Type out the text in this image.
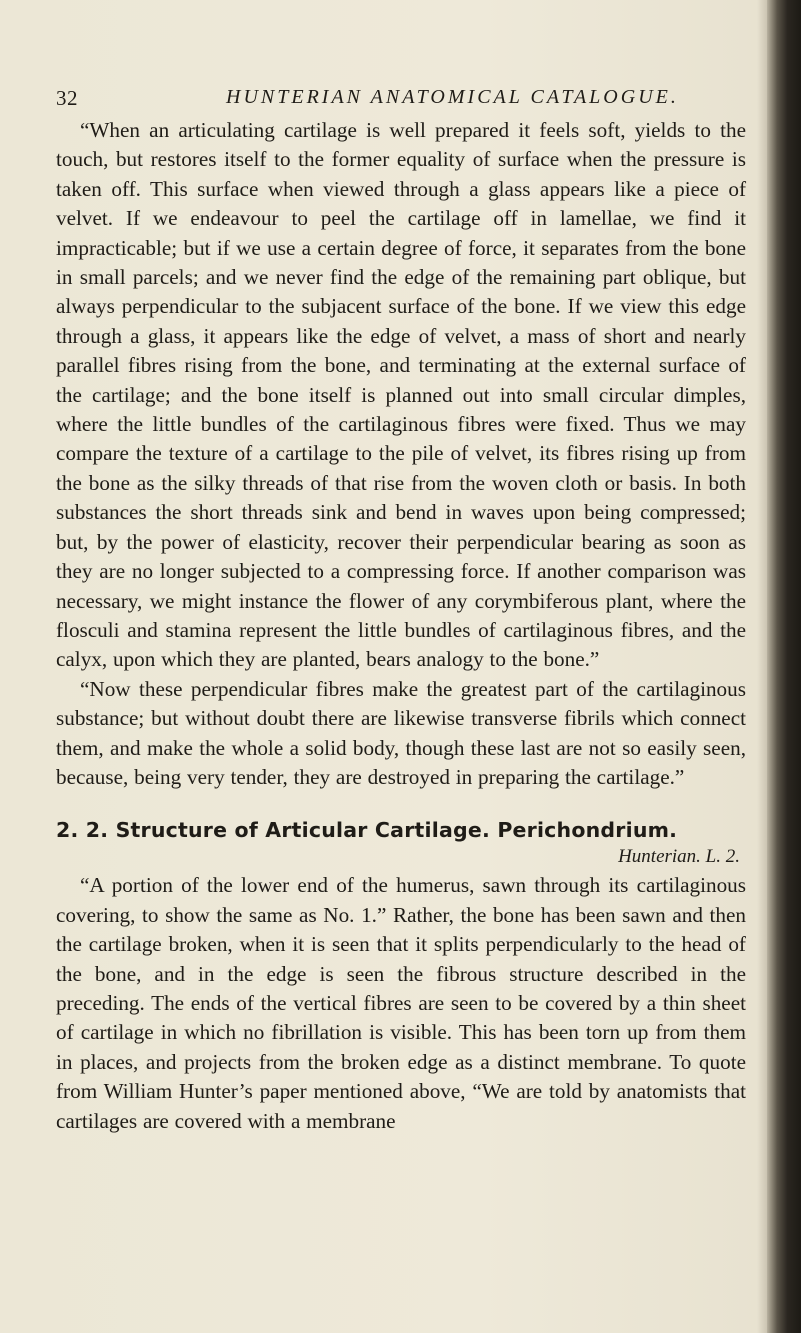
32	HUNTERIAN ANATOMICAL CATALOGUE.

“When an articulating cartilage is well prepared it feels soft, yields to the touch, but restores itself to the former equality of surface when the pressure is taken off. This surface when viewed through a glass appears like a piece of velvet. If we endeavour to peel the cartilage off in lamellae, we find it impracticable; but if we use a certain degree of force, it separates from the bone in small parcels; and we never find the edge of the remaining part oblique, but always perpendicular to the subjacent surface of the bone. If we view this edge through a glass, it appears like the edge of velvet, a mass of short and nearly parallel fibres rising from the bone, and terminating at the external surface of the cartilage; and the bone itself is planned out into small circular dimples, where the little bundles of the cartilaginous fibres were fixed. Thus we may compare the texture of a cartilage to the pile of velvet, its fibres rising up from the bone as the silky threads of that rise from the woven cloth or basis. In both substances the short threads sink and bend in waves upon being compressed; but, by the power of elasticity, recover their perpendicular bearing as soon as they are no longer subjected to a compressing force. If another comparison was necessary, we might instance the flower of any corymbiferous plant, where the flosculi and stamina represent the little bundles of cartilaginous fibres, and the calyx, upon which they are planted, bears analogy to the bone.”

“Now these perpendicular fibres make the greatest part of the cartilaginous substance; but without doubt there are likewise transverse fibrils which connect them, and make the whole a solid body, though these last are not so easily seen, because, being very tender, they are destroyed in preparing the cartilage.”

2. 2. Structure of Articular Cartilage. Perichondrium.
Hunterian. L. 2.

“A portion of the lower end of the humerus, sawn through its cartilaginous covering, to show the same as No. 1.” Rather, the bone has been sawn and then the cartilage broken, when it is seen that it splits perpendicularly to the head of the bone, and in the edge is seen the fibrous structure described in the preceding. The ends of the vertical fibres are seen to be covered by a thin sheet of cartilage in which no fibrillation is visible. This has been torn up from them in places, and projects from the broken edge as a distinct membrane. To quote from William Hunter’s paper mentioned above, “We are told by anatomists that cartilages are covered with a membrane
